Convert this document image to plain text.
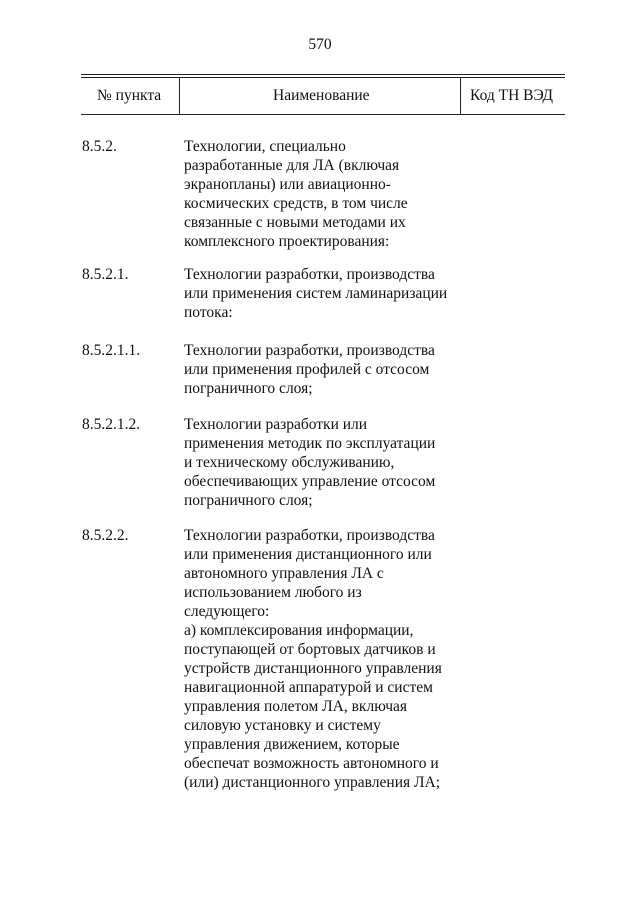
570
№ пункта	Наименование	Код ТН ВЭД
8.5.2.	Технологии, специально
разработанные для ЛА (включая
экранопланы) или авиационно-
космических средств, в том числе
связанные с новыми методами их
комплексного проектирования:
8.5.2.1.	Технологии разработки, производства
или применения систем ламинаризации
потока:
8.5.2.1.1.	Технологии разработки, производства
или применения профилей с отсосом
пограничного слоя;
8.5.2.1.2.	Технологии разработки или
применения методик по эксплуатации
и техническому обслуживанию,
обеспечивающих управление отсосом
пограничного слоя;
8.5.2.2.	Технологии разработки, производства
или применения дистанционного или
автономного управления ЛА с
использованием любого из
следующего:
а) комплексирования информации,
поступающей от бортовых датчиков и
устройств дистанционного управления
навигационной аппаратурой и систем
управления полетом ЛА, включая
силовую установку и систему
управления движением, которые
обеспечат возможность автономного и
(или) дистанционного управления ЛА;
